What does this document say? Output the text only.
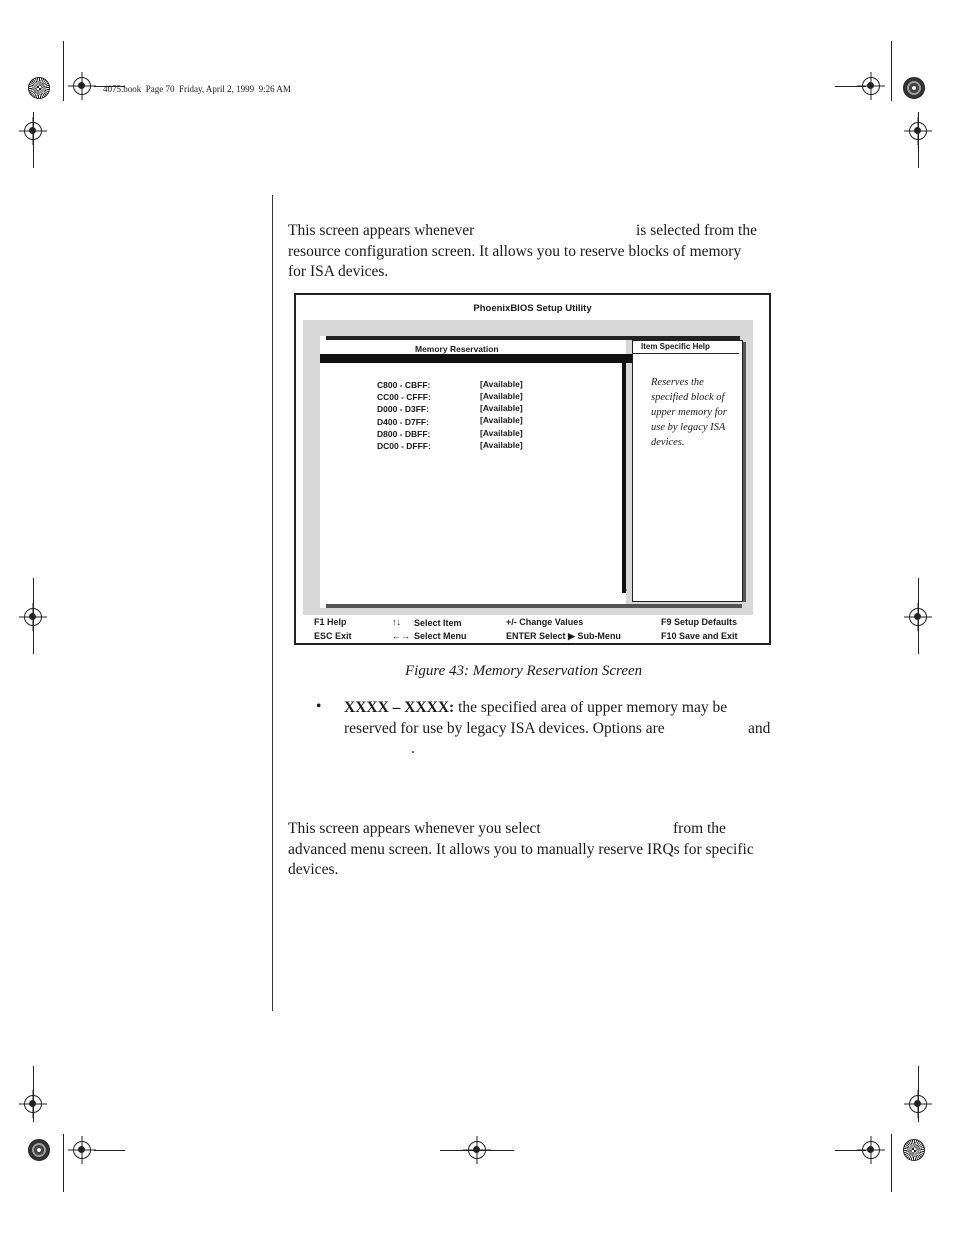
4075.book  Page 70  Friday, April 2, 1999  9:26 AM
This screen appears whenever	is selected from the
resource configuration screen. It allows you to reserve blocks of memory
for ISA devices.
PhoenixBIOS Setup Utility
Memory Reservation
C800 - CBFF:	[Available]
CC00 - CFFF:	[Available]
D000 - D3FF:	[Available]
D400 - D7FF:	[Available]
D800 - DBFF:	[Available]
DC00 - DFFF:	[Available]
▼
Item Specific Help
Reserves the specified block of upper memory for use by legacy ISA devices.
F1 Help
ESC Exit
↑↓ Select Item
←→ Select Menu
+/- Change Values
ENTER Select ▶ Sub-Menu
F9 Setup Defaults
F10 Save and Exit
Figure 43: Memory Reservation Screen
• XXXX – XXXX: the specified area of upper memory may be
reserved for use by legacy ISA devices. Options are	and
.
This screen appears whenever you select	from the
advanced menu screen. It allows you to manually reserve IRQs for specific
devices.
